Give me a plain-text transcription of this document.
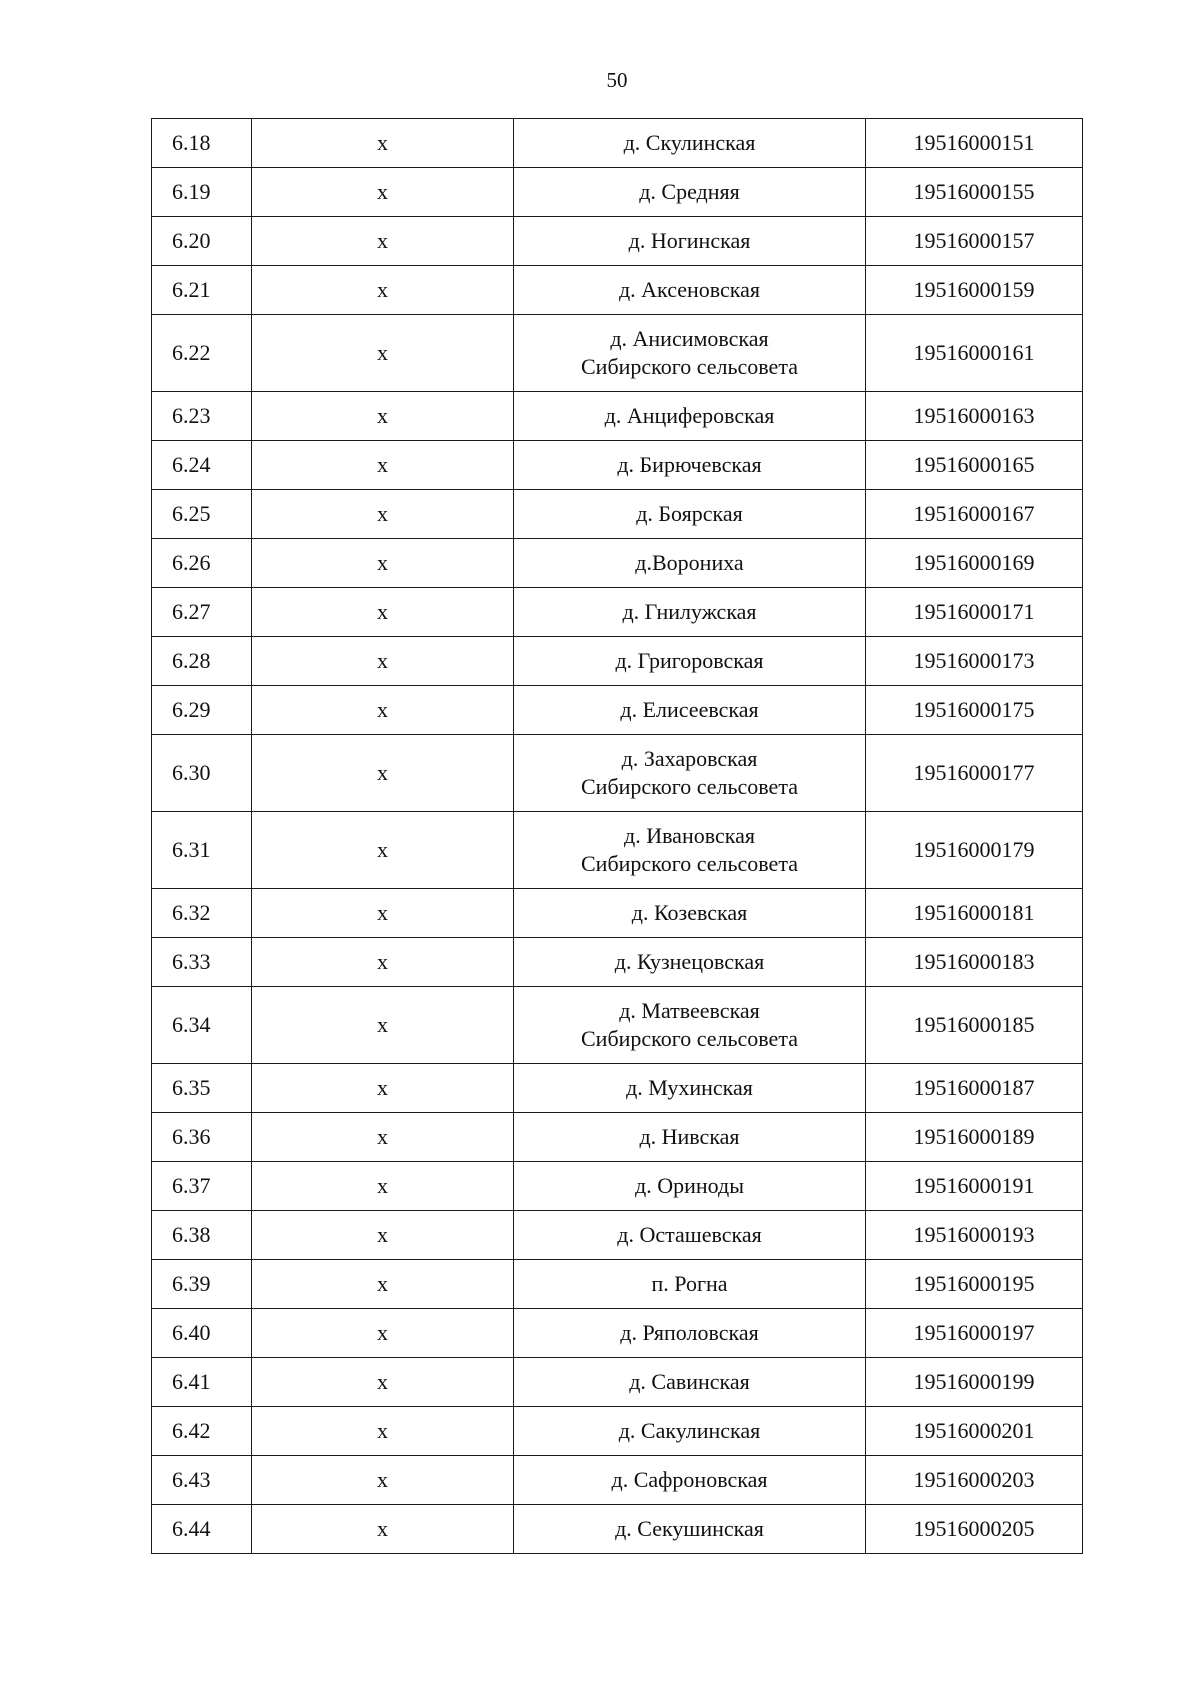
50
6.18	x	д. Скулинская	19516000151
6.19	x	д. Средняя	19516000155
6.20	x	д. Ногинская	19516000157
6.21	x	д. Аксеновская	19516000159
6.22	x	д. Анисимовская
Сибирского сельсовета	19516000161
6.23	x	д. Анциферовская	19516000163
6.24	x	д. Бирючевская	19516000165
6.25	x	д. Боярская	19516000167
6.26	x	д.Ворониха	19516000169
6.27	x	д. Гнилужская	19516000171
6.28	x	д. Григоровская	19516000173
6.29	x	д. Елисеевская	19516000175
6.30	x	д. Захаровская
Сибирского сельсовета	19516000177
6.31	x	д. Ивановская
Сибирского сельсовета	19516000179
6.32	x	д. Козевская	19516000181
6.33	x	д. Кузнецовская	19516000183
6.34	x	д. Матвеевская
Сибирского сельсовета	19516000185
6.35	x	д. Мухинская	19516000187
6.36	x	д. Нивская	19516000189
6.37	x	д. Ориноды	19516000191
6.38	x	д. Осташевская	19516000193
6.39	x	п. Рогна	19516000195
6.40	x	д. Ряполовская	19516000197
6.41	x	д. Савинская	19516000199
6.42	x	д. Сакулинская	19516000201
6.43	x	д. Сафроновская	19516000203
6.44	x	д. Секушинская	19516000205
